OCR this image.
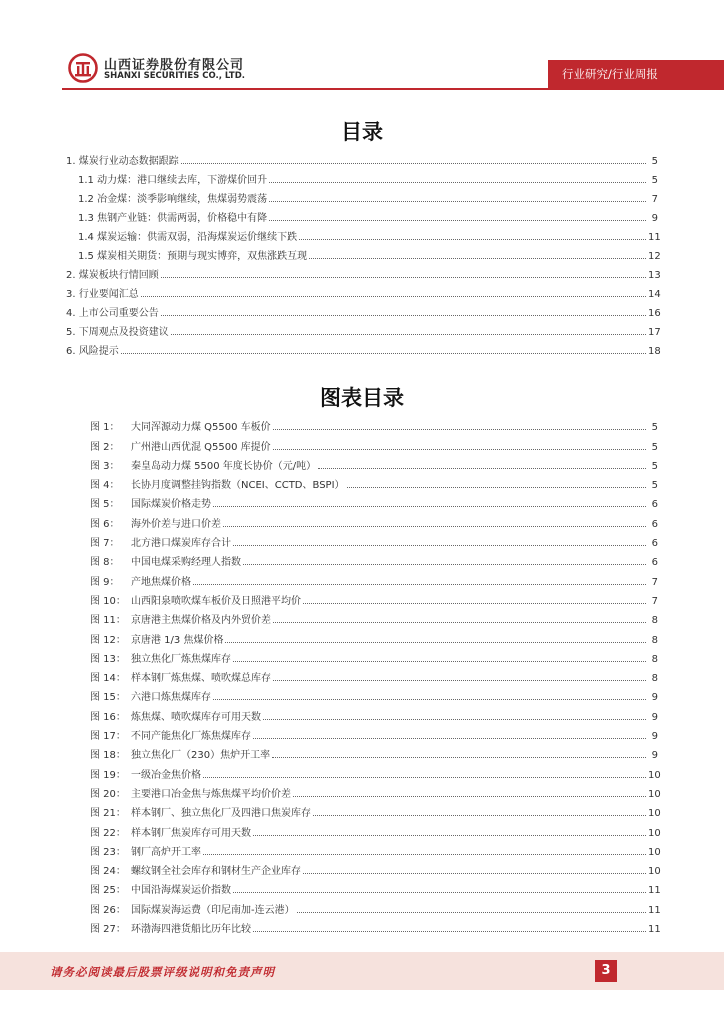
山西证券股份有限公司
SHANXI SECURITIES CO., LTD.	行业研究/行业周报
目录
1. 煤炭行业动态数据跟踪	5
1.1 动力煤：港口继续去库，下游煤价回升	5
1.2 冶金煤：淡季影响继续，焦煤弱势震荡	7
1.3 焦钢产业链：供需两弱，价格稳中有降	9
1.4 煤炭运输：供需双弱，沿海煤炭运价继续下跌	11
1.5 煤炭相关期货：预期与现实博弈，双焦涨跌互现	12
2. 煤炭板块行情回顾	13
3. 行业要闻汇总	14
4. 上市公司重要公告	16
5. 下周观点及投资建议	17
6. 风险提示	18
图表目录
图 1：	大同浑源动力煤 Q5500 车板价	5
图 2：	广州港山西优混 Q5500 库提价	5
图 3：	秦皇岛动力煤 5500 年度长协价（元/吨）	5
图 4：	长协月度调整挂钩指数（NCEI、CCTD、BSPI）	5
图 5：	国际煤炭价格走势	6
图 6：	海外价差与进口价差	6
图 7：	北方港口煤炭库存合计	6
图 8：	中国电煤采购经理人指数	6
图 9：	产地焦煤价格	7
图 10： 山西阳泉喷吹煤车板价及日照港平均价	7
图 11： 京唐港主焦煤价格及内外贸价差	8
图 12： 京唐港 1/3 焦煤价格	8
图 13： 独立焦化厂炼焦煤库存	8
图 14： 样本钢厂炼焦煤、喷吹煤总库存	8
图 15： 六港口炼焦煤库存	9
图 16： 炼焦煤、喷吹煤库存可用天数	9
图 17： 不同产能焦化厂炼焦煤库存	9
图 18： 独立焦化厂（230）焦炉开工率	9
图 19： 一级冶金焦价格	10
图 20： 主要港口冶金焦与炼焦煤平均价价差	10
图 21： 样本钢厂、独立焦化厂及四港口焦炭库存	10
图 22： 样本钢厂焦炭库存可用天数	10
图 23： 钢厂高炉开工率	10
图 24： 螺纹钢全社会库存和钢材生产企业库存	10
图 25： 中国沿海煤炭运价指数	11
图 26： 国际煤炭海运费（印尼南加-连云港）	11
图 27： 环渤海四港货船比历年比较	11
请务必阅读最后股票评级说明和免责声明	3
